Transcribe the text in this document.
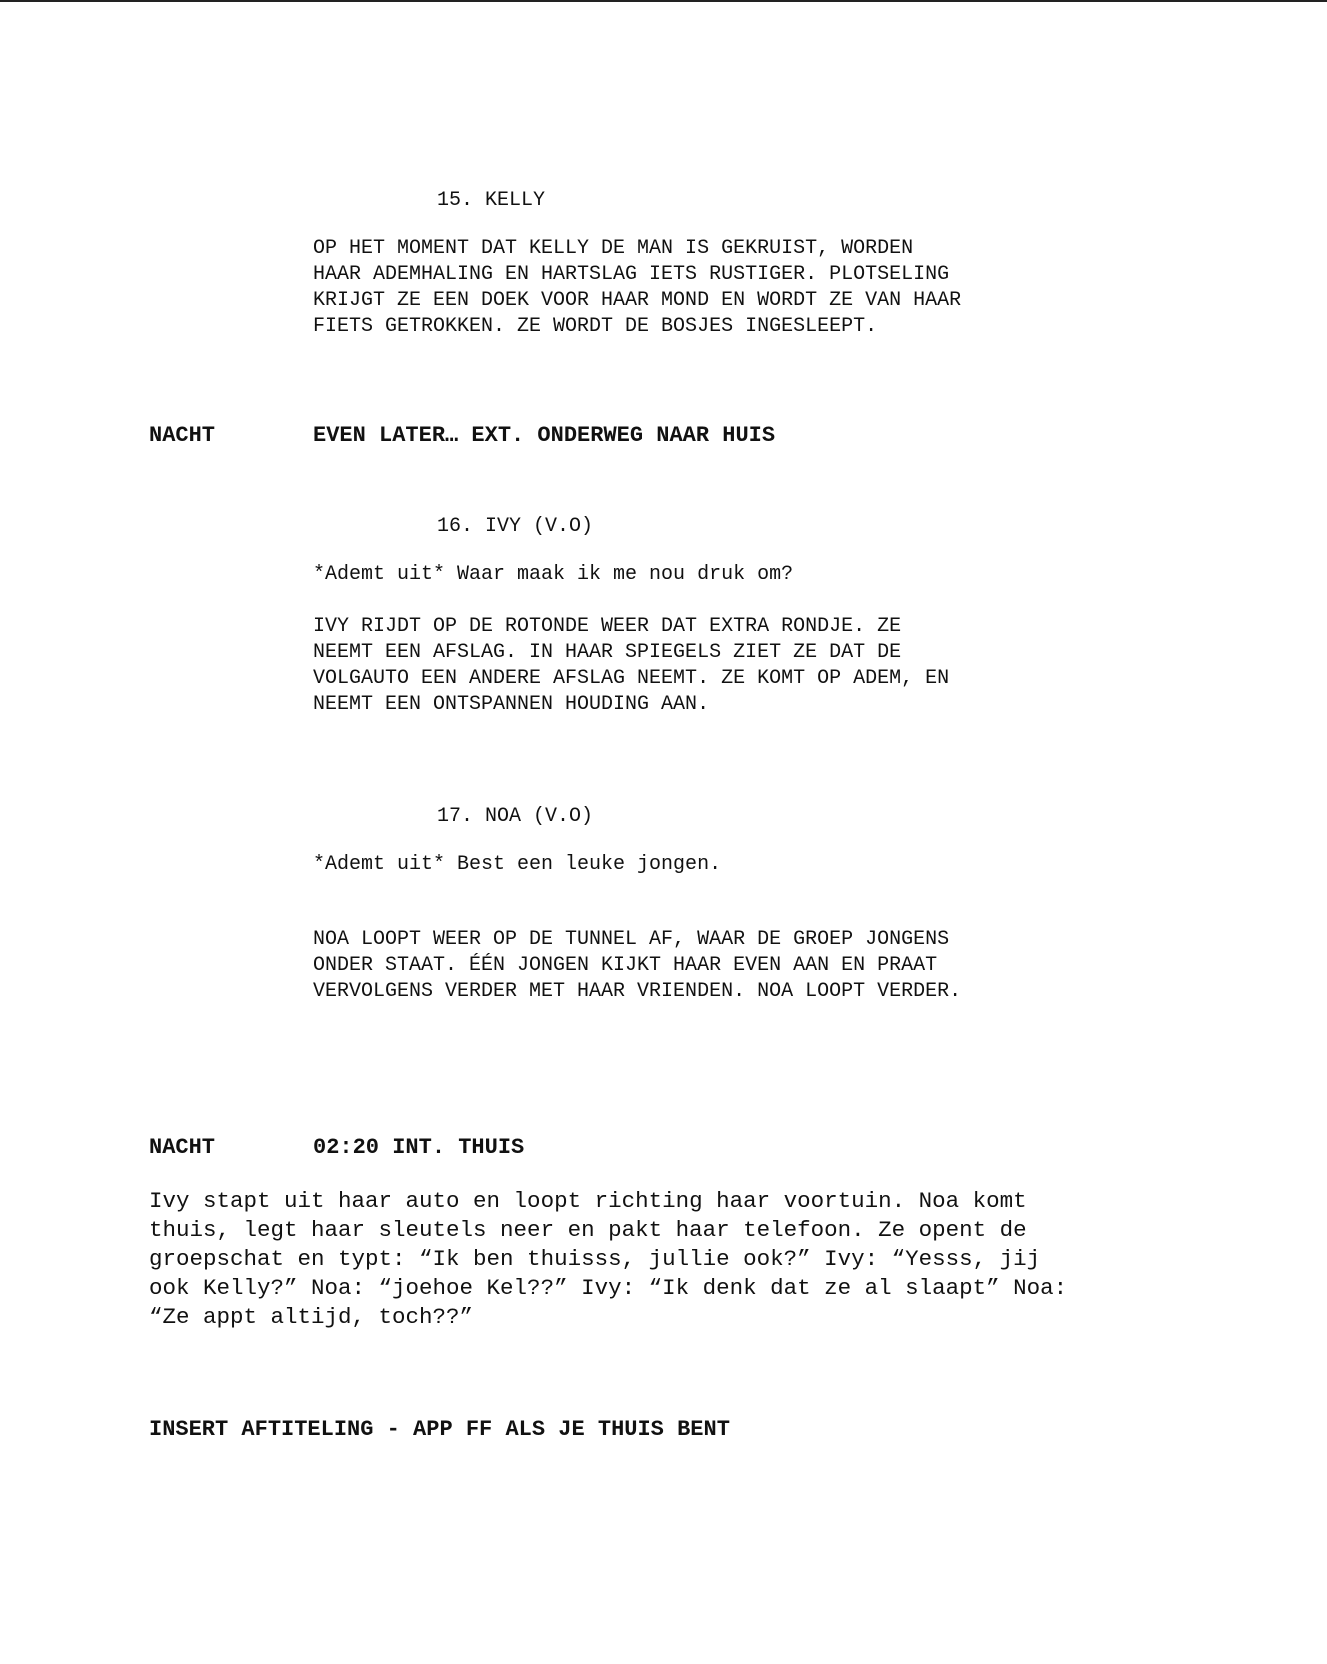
15. KELLY
OP HET MOMENT DAT KELLY DE MAN IS GEKRUIST, WORDEN
HAAR ADEMHALING EN HARTSLAG IETS RUSTIGER. PLOTSELING
KRIJGT ZE EEN DOEK VOOR HAAR MOND EN WORDT ZE VAN HAAR
FIETS GETROKKEN. ZE WORDT DE BOSJES INGESLEEPT.
NACHT	EVEN LATER… EXT. ONDERWEG NAAR HUIS
16. IVY (V.O)
*Ademt uit* Waar maak ik me nou druk om?
IVY RIJDT OP DE ROTONDE WEER DAT EXTRA RONDJE. ZE
NEEMT EEN AFSLAG. IN HAAR SPIEGELS ZIET ZE DAT DE
VOLGAUTO EEN ANDERE AFSLAG NEEMT. ZE KOMT OP ADEM, EN
NEEMT EEN ONTSPANNEN HOUDING AAN.
17. NOA (V.O)
*Ademt uit* Best een leuke jongen.
NOA LOOPT WEER OP DE TUNNEL AF, WAAR DE GROEP JONGENS
ONDER STAAT. ÉÉN JONGEN KIJKT HAAR EVEN AAN EN PRAAT
VERVOLGENS VERDER MET HAAR VRIENDEN. NOA LOOPT VERDER.
NACHT	02:20 INT. THUIS
Ivy stapt uit haar auto en loopt richting haar voortuin. Noa komt
thuis, legt haar sleutels neer en pakt haar telefoon. Ze opent de
groepschat en typt: “Ik ben thuisss, jullie ook?” Ivy: “Yesss, jij
ook Kelly?” Noa: “joehoe Kel??” Ivy: “Ik denk dat ze al slaapt” Noa:
“Ze appt altijd, toch??”
INSERT AFTITELING - APP FF ALS JE THUIS BENT
